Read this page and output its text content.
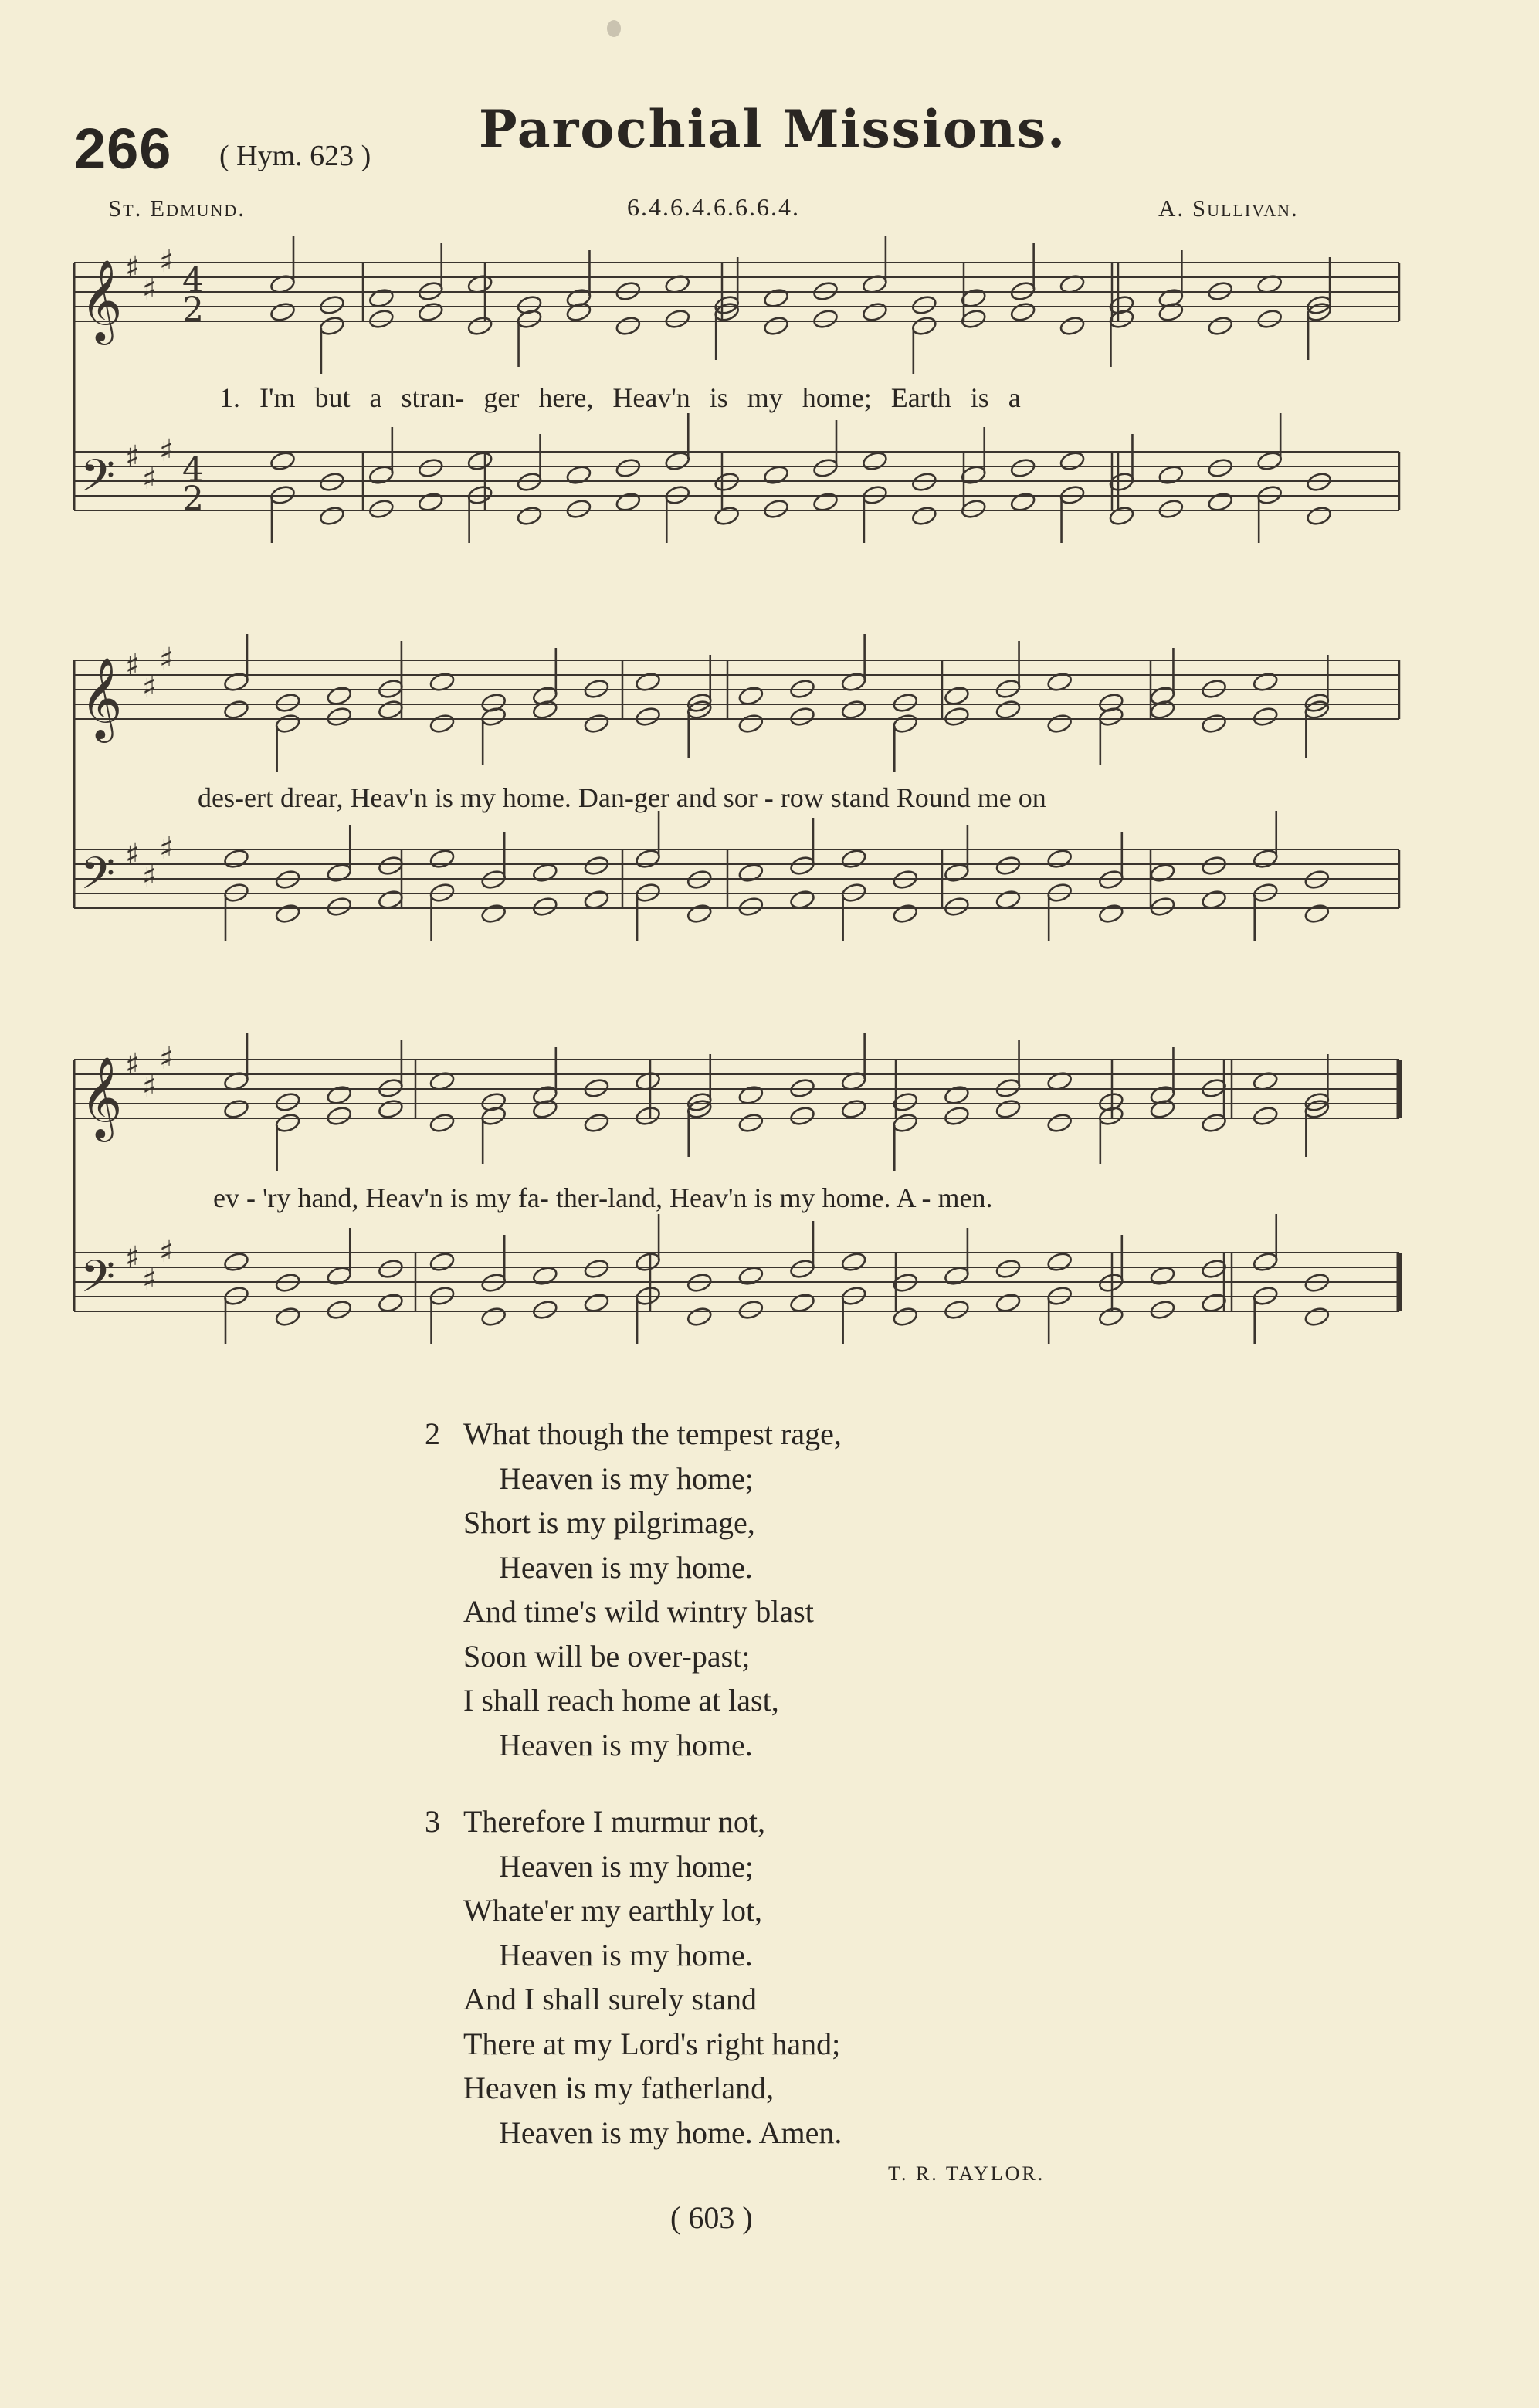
266 ( Hym. 623 ) Parochial Missions.
St. Edmund.	6.4.6.4.6.6.6.4.	A. Sullivan.
𝄞 ♯
♯
♯ 4
2
𝄢 ♯
♯
♯ 4
2
𝄞 ♯
♯
♯
𝄢 ♯
♯
♯
𝄞 ♯
♯
♯
𝄢 ♯
♯
♯
1. I'm but a stran- ger here, Heav'n is my home; Earth is a
des-ert drear, Heav'n is my home. Dan-ger and sor - row stand Round me on
ev - 'ry hand, Heav'n is my fa- ther-land, Heav'n is my home. A - men.
2 What though the tempest rage,
Heaven is my home;
Short is my pilgrimage,
Heaven is my home.
And time's wild wintry blast
Soon will be over-past;
I shall reach home at last,
Heaven is my home.
3 Therefore I murmur not,
Heaven is my home;
Whate'er my earthly lot,
Heaven is my home.
And I shall surely stand
There at my Lord's right hand;
Heaven is my fatherland,
Heaven is my home. Amen.
T. R. TAYLOR.
( 603 )
